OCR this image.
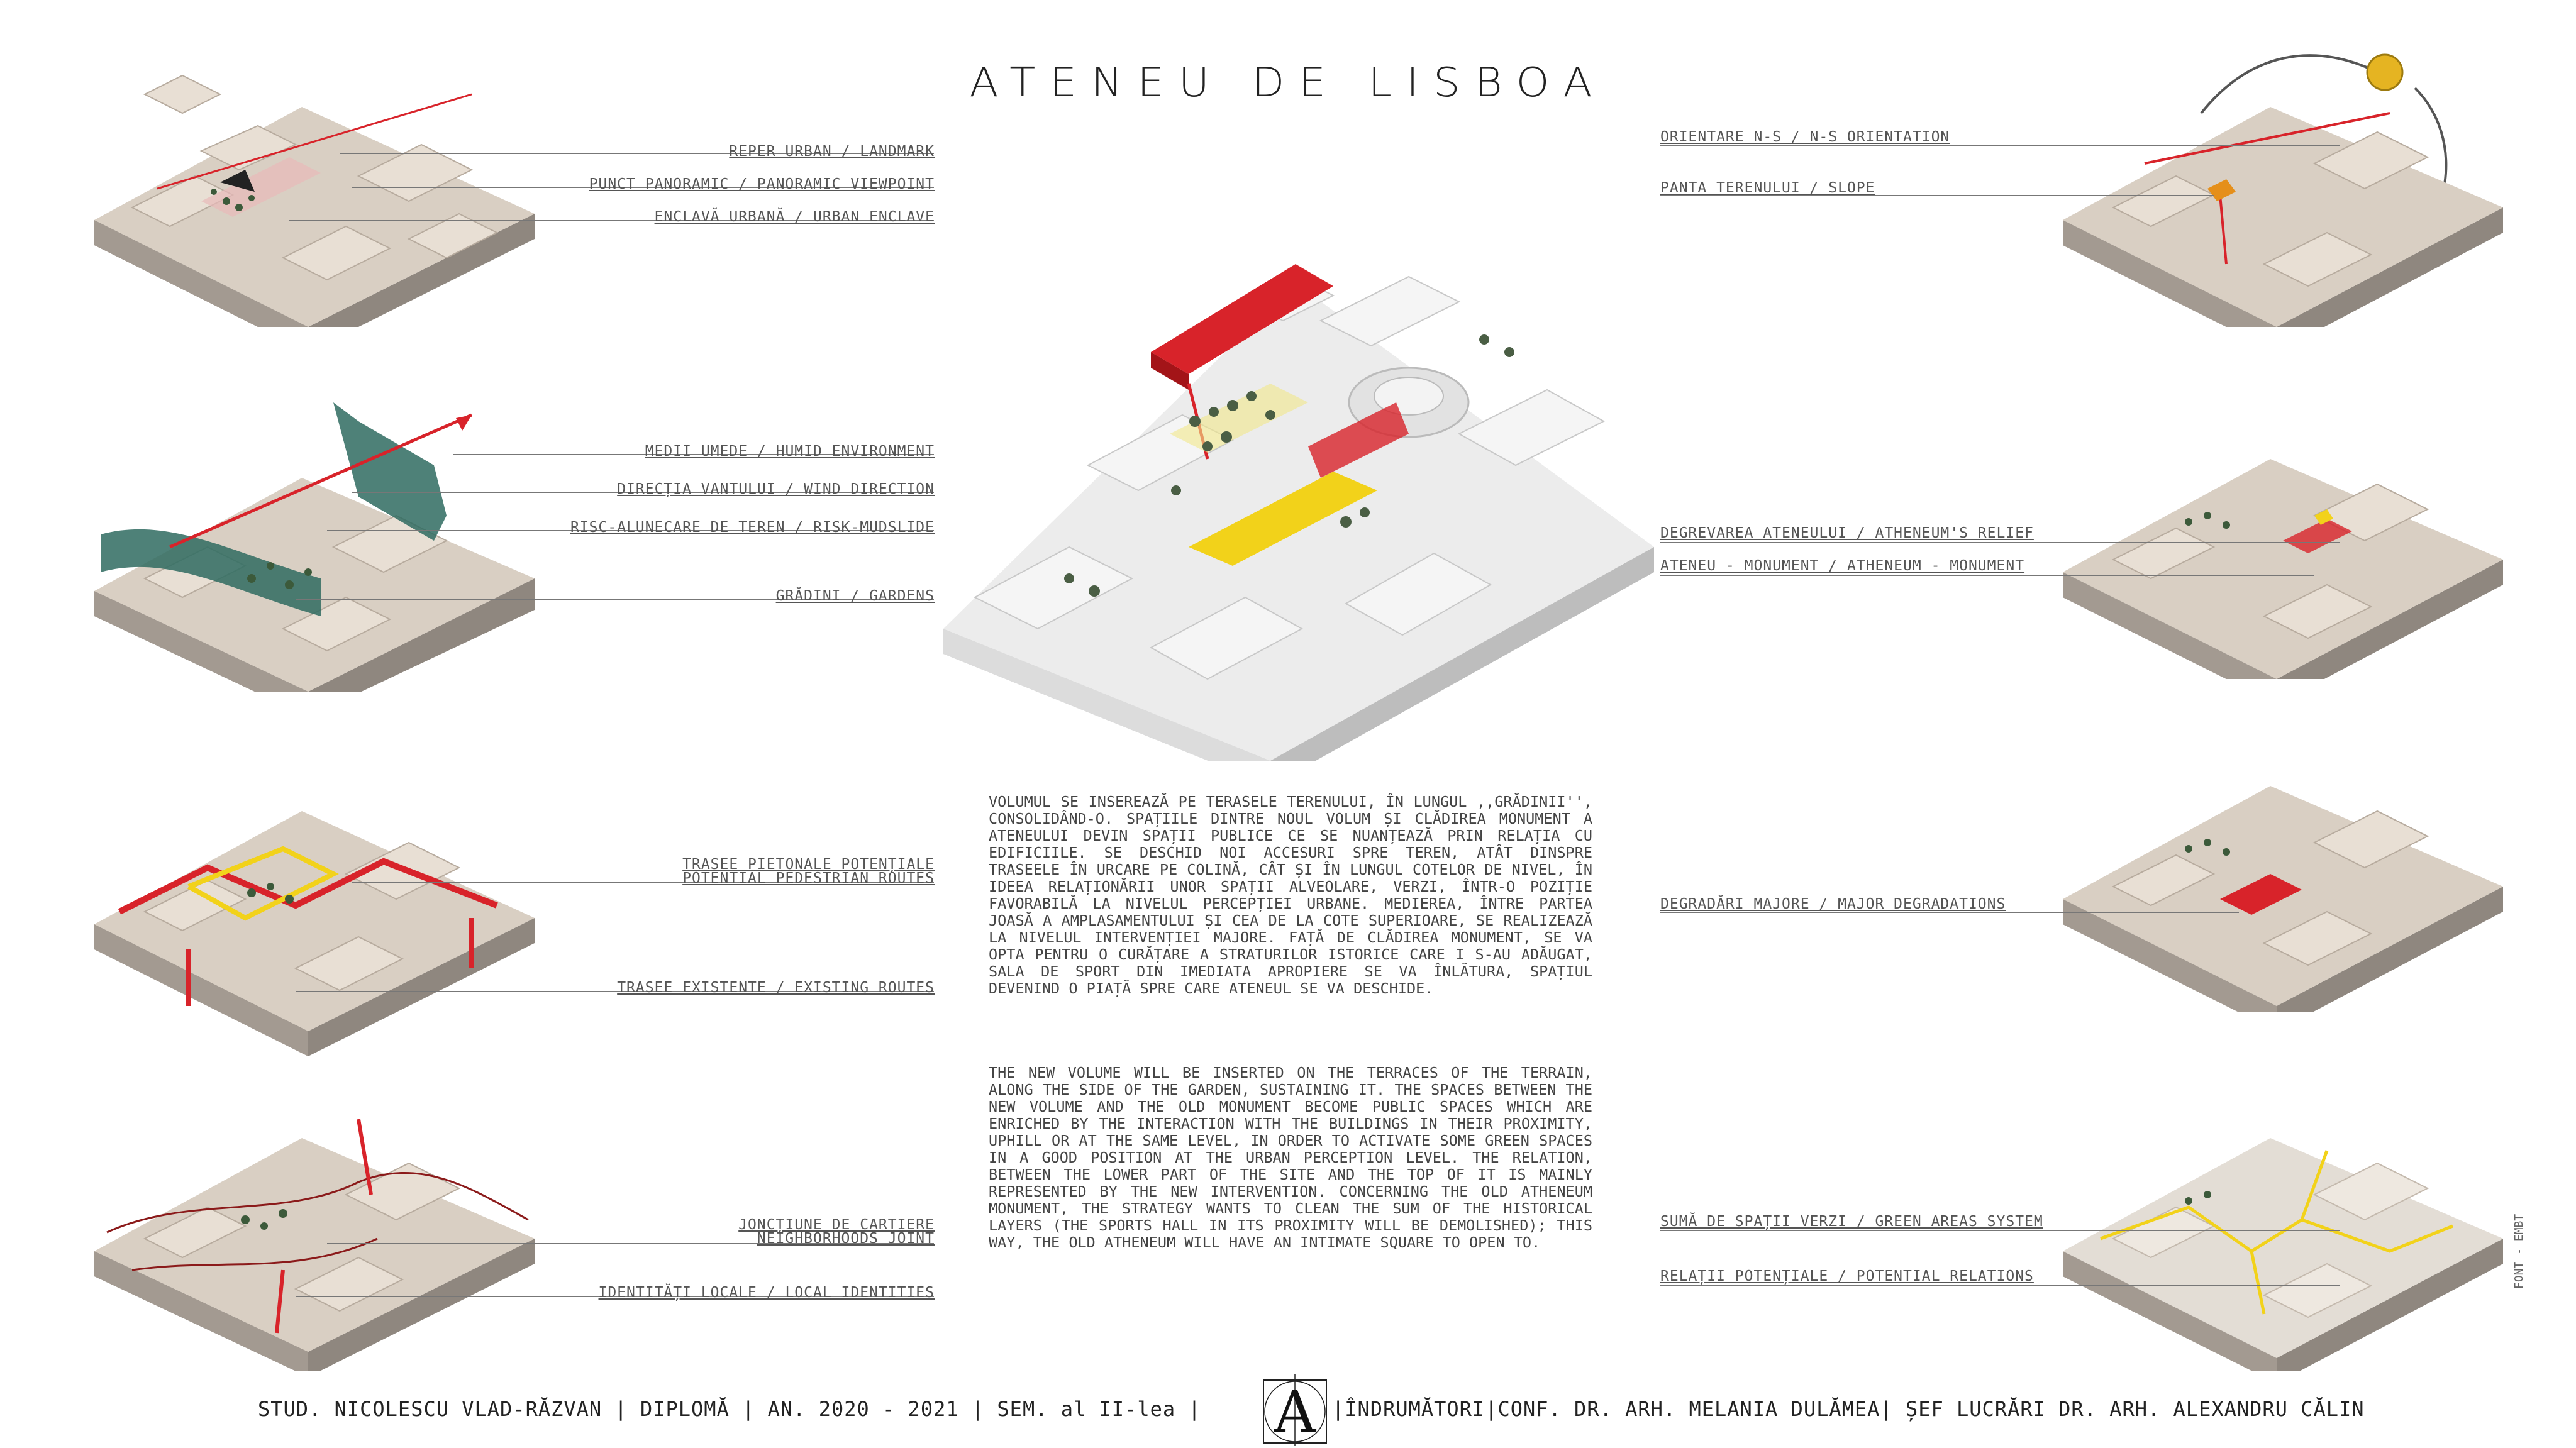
ATENEU DE LISBOA
REPER URBAN / LANDMARK
PUNCT PANORAMIC / PANORAMIC VIEWPOINT
ENCLAVĂ URBANĂ / URBAN ENCLAVE
MEDII UMEDE / HUMID ENVIRONMENT
DIRECȚIA VANTULUI / WIND DIRECTION
RISC-ALUNECARE DE TEREN / RISK-MUDSLIDE
GRĂDINI / GARDENS
TRASEE PIETONALE POTENȚIALE
POTENTIAL PEDESTRIAN ROUTES
TRASEE EXISTENTE / EXISTING ROUTES
JONCȚIUNE DE CARTIERE
NEIGHBORHOODS JOINT
IDENTITĂȚI LOCALE / LOCAL IDENTITIES

VOLUMUL SE INSEREAZĂ PE TERASELE TERENULUI, ÎN LUNGUL ,,GRĂDINII'', CONSOLIDÂND-O. SPAȚIILE DINTRE NOUL VOLUM ȘI CLĂDIREA MONUMENT A ATENEULUI DEVIN SPAȚII PUBLICE CE SE NUANȚEAZĂ PRIN RELAȚIA CU EDIFICIILE. SE DESCHID NOI ACCESURI SPRE TEREN, ATÂT DINSPRE TRASEELE ÎN URCARE PE COLINĂ, CÂT ȘI ÎN LUNGUL COTELOR DE NIVEL, ÎN IDEEA RELAȚIONĂRII UNOR SPAȚII ALVEOLARE, VERZI, ÎNTR-O POZIȚIE FAVORABILĂ LA NIVELUL PERCEPȚIEI URBANE. MEDIEREA, ÎNTRE PARTEA JOASĂ A AMPLASAMENTULUI ȘI CEA DE LA COTE SUPERIOARE, SE REALIZEAZĂ LA NIVELUL INTERVENȚIEI MAJORE. FAȚĂ DE CLĂDIREA MONUMENT, SE VA OPTA PENTRU O CURĂȚARE A STRATURILOR ISTORICE CARE I S-AU ADĂUGAT, SALA DE SPORT DIN IMEDIATA APROPIERE SE VA ÎNLĂTURA, SPAȚIUL DEVENIND O PIAȚĂ SPRE CARE ATENEUL SE VA DESCHIDE.

THE NEW VOLUME WILL BE INSERTED ON THE TERRACES OF THE TERRAIN, ALONG THE SIDE OF THE GARDEN, SUSTAINING IT. THE SPACES BETWEEN THE NEW VOLUME AND THE OLD MONUMENT BECOME PUBLIC SPACES WHICH ARE ENRICHED BY THE INTERACTION WITH THE BUILDINGS IN THEIR PROXIMITY, UPHILL OR AT THE SAME LEVEL, IN ORDER TO ACTIVATE SOME GREEN SPACES IN A GOOD POSITION AT THE URBAN PERCEPTION LEVEL. THE RELATION, BETWEEN THE LOWER PART OF THE SITE AND THE TOP OF IT IS MAINLY REPRESENTED BY THE NEW INTERVENTION. CONCERNING THE OLD ATHENEUM MONUMENT, THE STRATEGY WANTS TO CLEAN THE SUM OF THE HISTORICAL LAYERS (THE SPORTS HALL IN ITS PROXIMITY WILL BE DEMOLISHED); THIS WAY, THE OLD ATHENEUM WILL HAVE AN INTIMATE SQUARE TO OPEN TO.

ORIENTARE N-S / N-S ORIENTATION
PANTA TERENULUI / SLOPE
DEGREVAREA ATENEULUI / ATHENEUM'S RELIEF
ATENEU - MONUMENT / ATHENEUM - MONUMENT
DEGRADĂRI MAJORE / MAJOR DEGRADATIONS
SUMĂ DE SPAȚII VERZI / GREEN AREAS SYSTEM
RELAȚII POTENȚIALE / POTENTIAL RELATIONS	FONT - EMBT
STUD. NICOLESCU VLAD-RĂZVAN | DIPLOMĂ | AN. 2020 - 2021 | SEM. al II-lea | A |ÎNDRUMĂTORI|CONF. DR. ARH. MELANIA DULĂMEA| ȘEF LUCRĂRI DR. ARH. ALEXANDRU CĂLIN
